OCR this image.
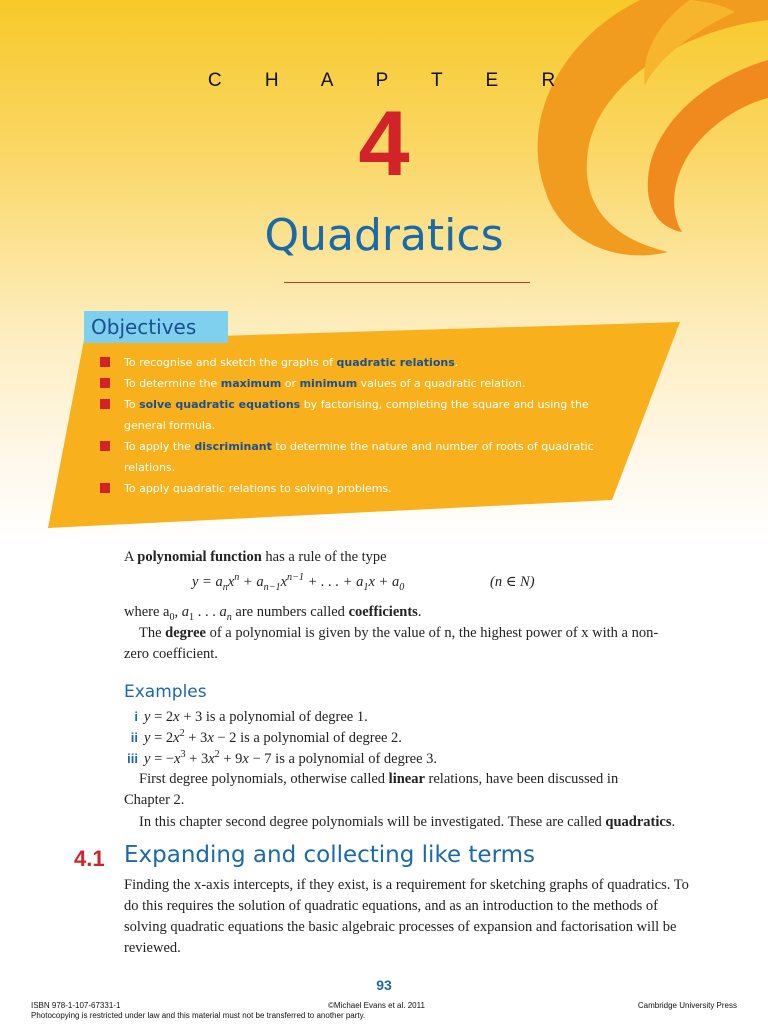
C H A P T E R
4
Quadratics
Objectives
To recognise and sketch the graphs of quadratic relations.
To determine the maximum or minimum values of a quadratic relation.
To solve quadratic equations by factorising, completing the square and using the general formula.
To apply the discriminant to determine the nature and number of roots of quadratic relations.
To apply quadratic relations to solving problems.
A polynomial function has a rule of the type
$y = a_nx^n + a_{n-1}x^{n-1}$ + . . . + $a_1x + a_0$	(n ∈ N)
where $a_0$, $a_1$ . . . $a_n$ are numbers called coefficients.
The degree of a polynomial is given by the value of n, the highest power of x with a non-zero coefficient.
Examples
i y = 2x + 3 is a polynomial of degree 1.
ii $y = 2x^2 + 3x - 2$ is a polynomial of degree 2.
iii $y = -x^3 + 3x^2 + 9x - 7$ is a polynomial of degree 3.
First degree polynomials, otherwise called linear relations, have been discussed in Chapter 2.
In this chapter second degree polynomials will be investigated. These are called quadratics.
4.1 Expanding and collecting like terms
Finding the x-axis intercepts, if they exist, is a requirement for sketching graphs of quadratics. To do this requires the solution of quadratic equations, and as an introduction to the methods of solving quadratic equations the basic algebraic processes of expansion and factorisation will be reviewed.
93
ISBN 978-1-107-67331-1	©Michael Evans et al. 2011	Cambridge University Press
Photocopying is restricted under law and this material must not be transferred to another party.
